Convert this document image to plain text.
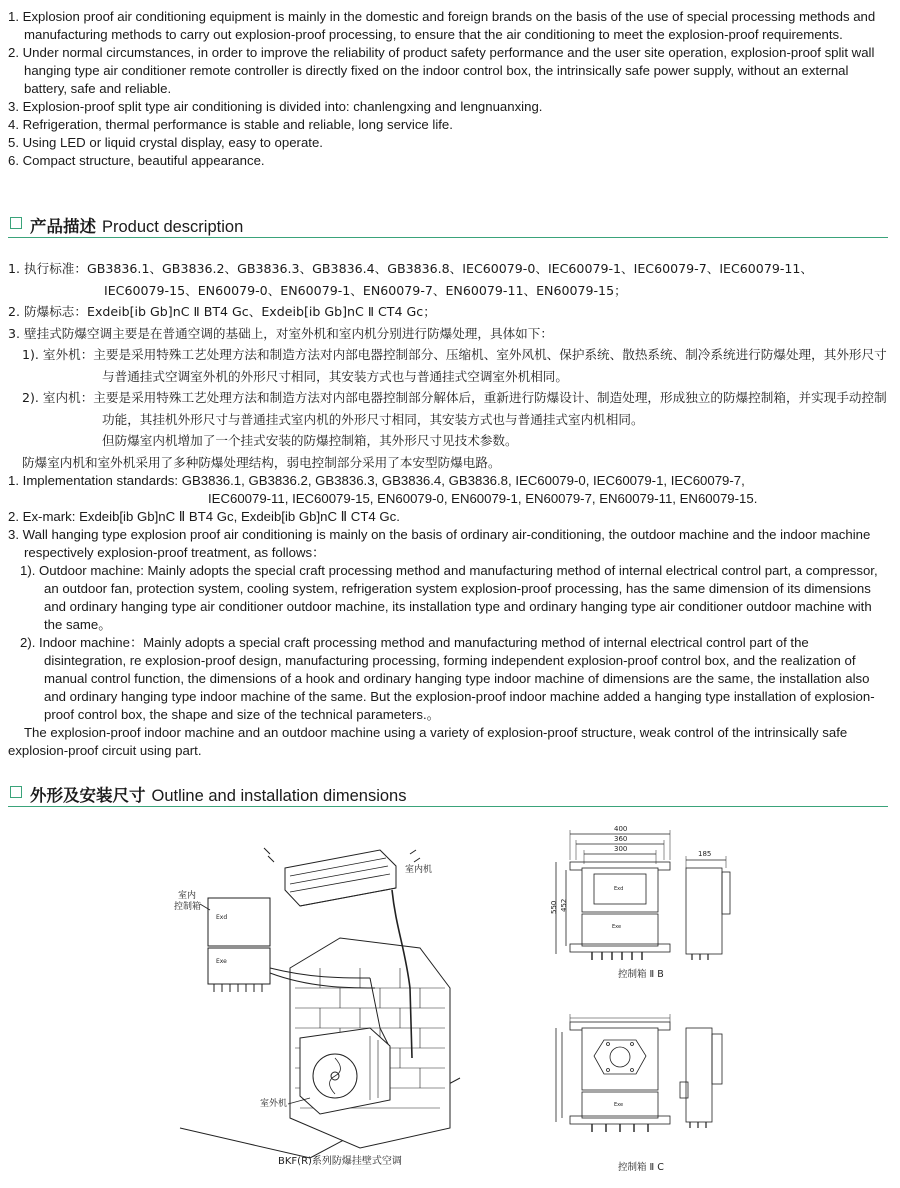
1. Explosion proof air conditioning equipment is mainly in the domestic and foreign brands on the basis of the use of special processing methods and manufacturing methods to carry out explosion-proof processing, to ensure that the air conditioning to meet the explosion-proof requirements.
2. Under normal circumstances, in order to improve the reliability of product safety performance and the user site operation, explosion-proof split wall hanging type air conditioner remote controller is directly fixed on the indoor control box, the intrinsically safe power supply, without an external battery, safe and reliable.
3. Explosion-proof split type air conditioning is divided into: chanlengxing and lengnuanxing.
4. Refrigeration, thermal performance is stable and reliable, long service life.
5. Using LED or liquid crystal display, easy to operate.
6. Compact structure, beautiful appearance.
产品描述 Product description
1. 执行标准：GB3836.1、GB3836.2、GB3836.3、GB3836.4、GB3836.8、IEC60079-0、IEC60079-1、IEC60079-7、IEC60079-11、
IEC60079-15、EN60079-0、EN60079-1、EN60079-7、EN60079-11、EN60079-15；
2. 防爆标志：Exdeib[ib Gb]nC Ⅱ BT4 Gc、Exdeib[ib Gb]nC Ⅱ CT4 Gc；
3. 壁挂式防爆空调主要是在普通空调的基础上，对室外机和室内机分别进行防爆处理，具体如下：
1). 室外机：主要是采用特殊工艺处理方法和制造方法对内部电器控制部分、压缩机、室外风机、保护系统、散热系统、制冷系统进行防爆处理，其外形尺寸与普通挂式空调室外机的外形尺寸相同，其安装方式也与普通挂式空调室外机相同。
2). 室内机：主要是采用特殊工艺处理方法和制造方法对内部电器控制部分解体后，重新进行防爆设计、制造处理，形成独立的防爆控制箱，并实现手动控制功能，其挂机外形尺寸与普通挂式室内机的外形尺寸相同，其安装方式也与普通挂式室内机相同。
但防爆室内机增加了一个挂式安装的防爆控制箱，其外形尺寸见技术参数。
防爆室内机和室外机采用了多种防爆处理结构，弱电控制部分采用了本安型防爆电路。
1. Implementation standards: GB3836.1, GB3836.2, GB3836.3, GB3836.4, GB3836.8, IEC60079-0, IEC60079-1, IEC60079-7,
IEC60079-11, IEC60079-15, EN60079-0, EN60079-1, EN60079-7, EN60079-11, EN60079-15.
2. Ex-mark: Exdeib[ib Gb]nC Ⅱ BT4 Gc, Exdeib[ib Gb]nC Ⅱ CT4 Gc.
3. Wall hanging type explosion proof air conditioning is mainly on the basis of ordinary air-conditioning, the outdoor machine and the indoor machine respectively explosion-proof treatment, as follows：
1). Outdoor machine: Mainly adopts the special craft processing method and manufacturing method of internal electrical control part, a compressor, an outdoor fan, protection system, cooling system, refrigeration system explosion-proof processing, has the same dimension of its dimensions and ordinary hanging type air conditioner outdoor machine, its installation type and ordinary hanging type air conditioner outdoor machine with the same。
2). Indoor machine：Mainly adopts a special craft processing method and manufacturing method of internal electrical control part of the disintegration, re explosion-proof design, manufacturing processing, forming independent explosion-proof control box, and the realization of manual control function, the dimensions of a hook and ordinary hanging type indoor machine of dimensions are the same, the installation also and ordinary hanging type indoor machine of the same. But the explosion-proof indoor machine added a hanging type installation of explosion-proof control box, the shape and size of the technical parameters.。
The explosion-proof indoor machine and an outdoor machine using a variety of explosion-proof structure, weak control of the intrinsically safe explosion-proof circuit using part.
外形及安装尺寸 Outline and installation dimensions
室内
控制箱
Exd
Exe
室内机
室外机
BKF(R)系列防爆挂壁式空调
400
360
300
185
550 452
Exd
Exe
控制箱 Ⅱ B
Exe
控制箱 Ⅱ C
